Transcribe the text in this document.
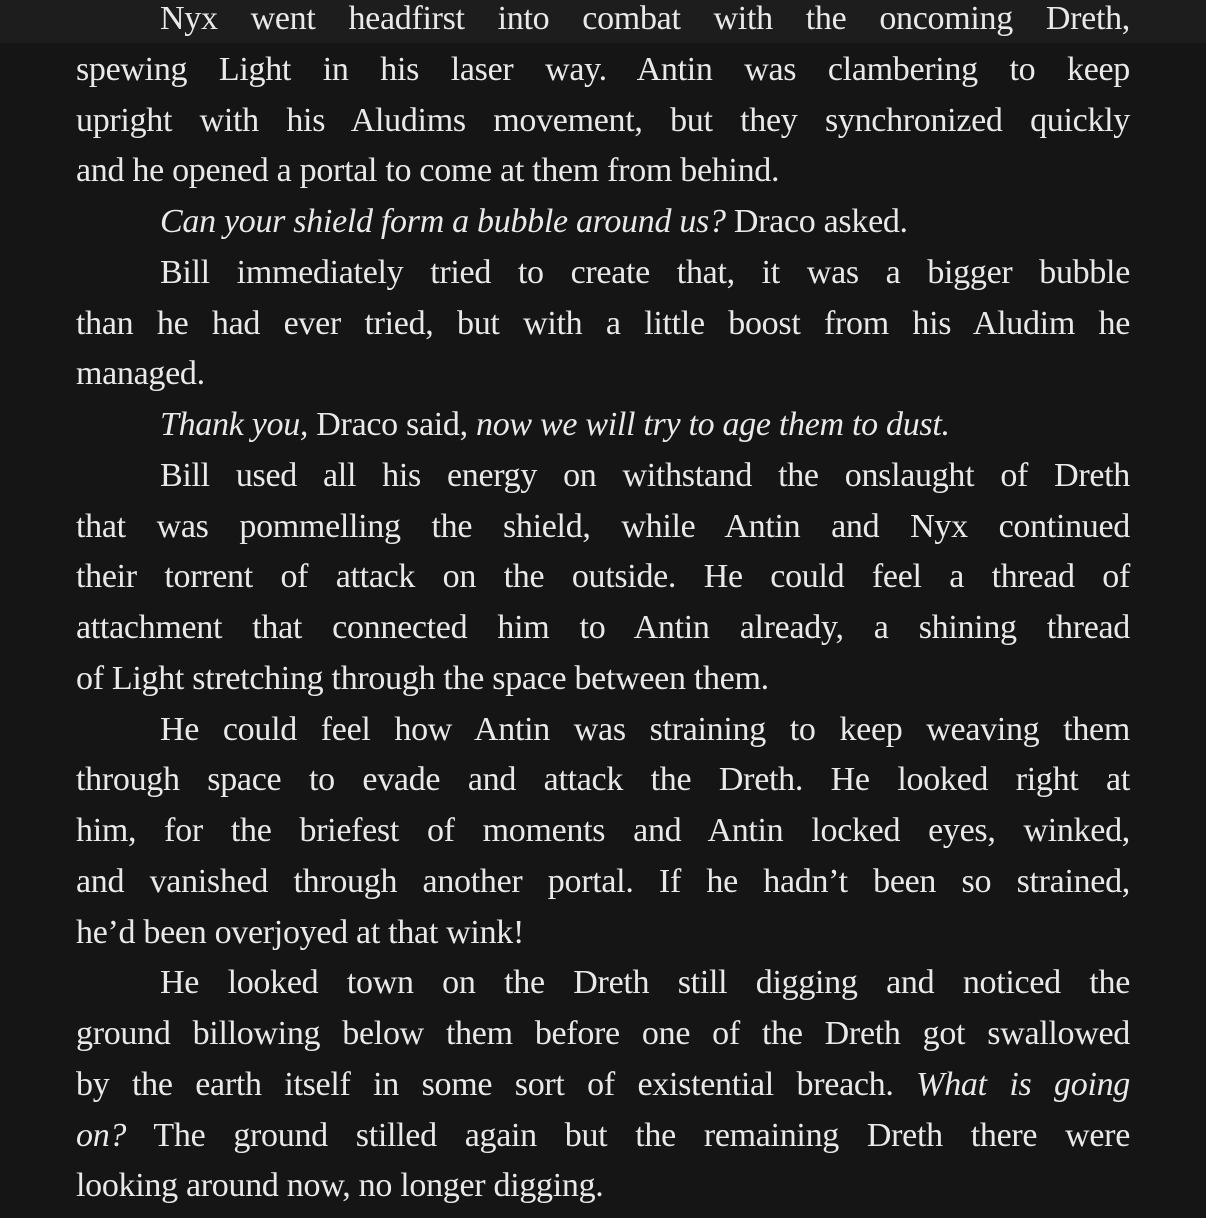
Nyx went headfirst into combat with the oncoming Dreth,
spewing Light in his laser way. Antin was clambering to keep
upright with his Aludims movement, but they synchronized quickly
and he opened a portal to come at them from behind.
Can your shield form a bubble around us? Draco asked.
Bill immediately tried to create that, it was a bigger bubble
than he had ever tried, but with a little boost from his Aludim he
managed.
Thank you, Draco said, now we will try to age them to dust.
Bill used all his energy on withstand the onslaught of Dreth
that was pommelling the shield, while Antin and Nyx continued
their torrent of attack on the outside. He could feel a thread of
attachment that connected him to Antin already, a shining thread
of Light stretching through the space between them.
He could feel how Antin was straining to keep weaving them
through space to evade and attack the Dreth. He looked right at
him, for the briefest of moments and Antin locked eyes, winked,
and vanished through another portal. If he hadn’t been so strained,
he’d been overjoyed at that wink!
He looked town on the Dreth still digging and noticed the
ground billowing below them before one of the Dreth got swallowed
by the earth itself in some sort of existential breach. What is going
on? The ground stilled again but the remaining Dreth there were
looking around now, no longer digging.
